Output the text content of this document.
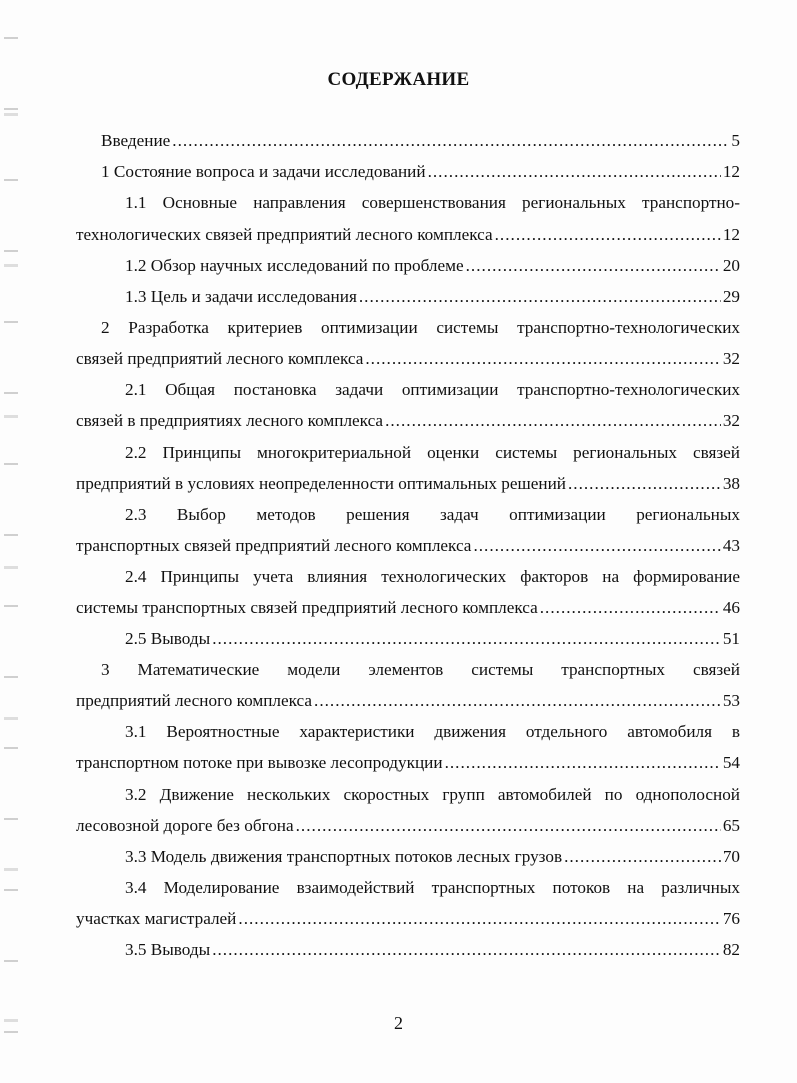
СОДЕРЖАНИЕ
Введение .....	5
1 Состояние вопроса и задачи исследований .....	12
1.1 Основные направления совершенствования региональных транспортно-
технологических связей предприятий лесного комплекса .....	12
1.2 Обзор научных исследований по проблеме .....	20
1.3 Цель и задачи исследования .....	29
2 Разработка критериев оптимизации системы транспортно-технологических
связей предприятий лесного комплекса .....	32
2.1 Общая постановка задачи оптимизации транспортно-технологических
связей в предприятиях лесного комплекса .....	32
2.2 Принципы многокритериальной оценки системы региональных связей
предприятий в условиях неопределенности оптимальных решений .....	38
2.3 Выбор методов решения задач оптимизации региональных
транспортных связей предприятий лесного комплекса .....	43
2.4 Принципы учета влияния технологических факторов на формирование
системы транспортных связей предприятий лесного комплекса .....	46
2.5 Выводы .....	51
3 Математические модели элементов системы транспортных связей
предприятий лесного комплекса .....	53
3.1 Вероятностные характеристики движения отдельного автомобиля в
транспортном потоке при вывозке лесопродукции .....	54
3.2 Движение нескольких скоростных групп автомобилей по однополосной
лесовозной дороге без обгона .....	65
3.3 Модель движения транспортных потоков лесных грузов .....	70
3.4 Моделирование взаимодействий транспортных потоков на различных
участках магистралей .....	76
3.5 Выводы .....	82
2
